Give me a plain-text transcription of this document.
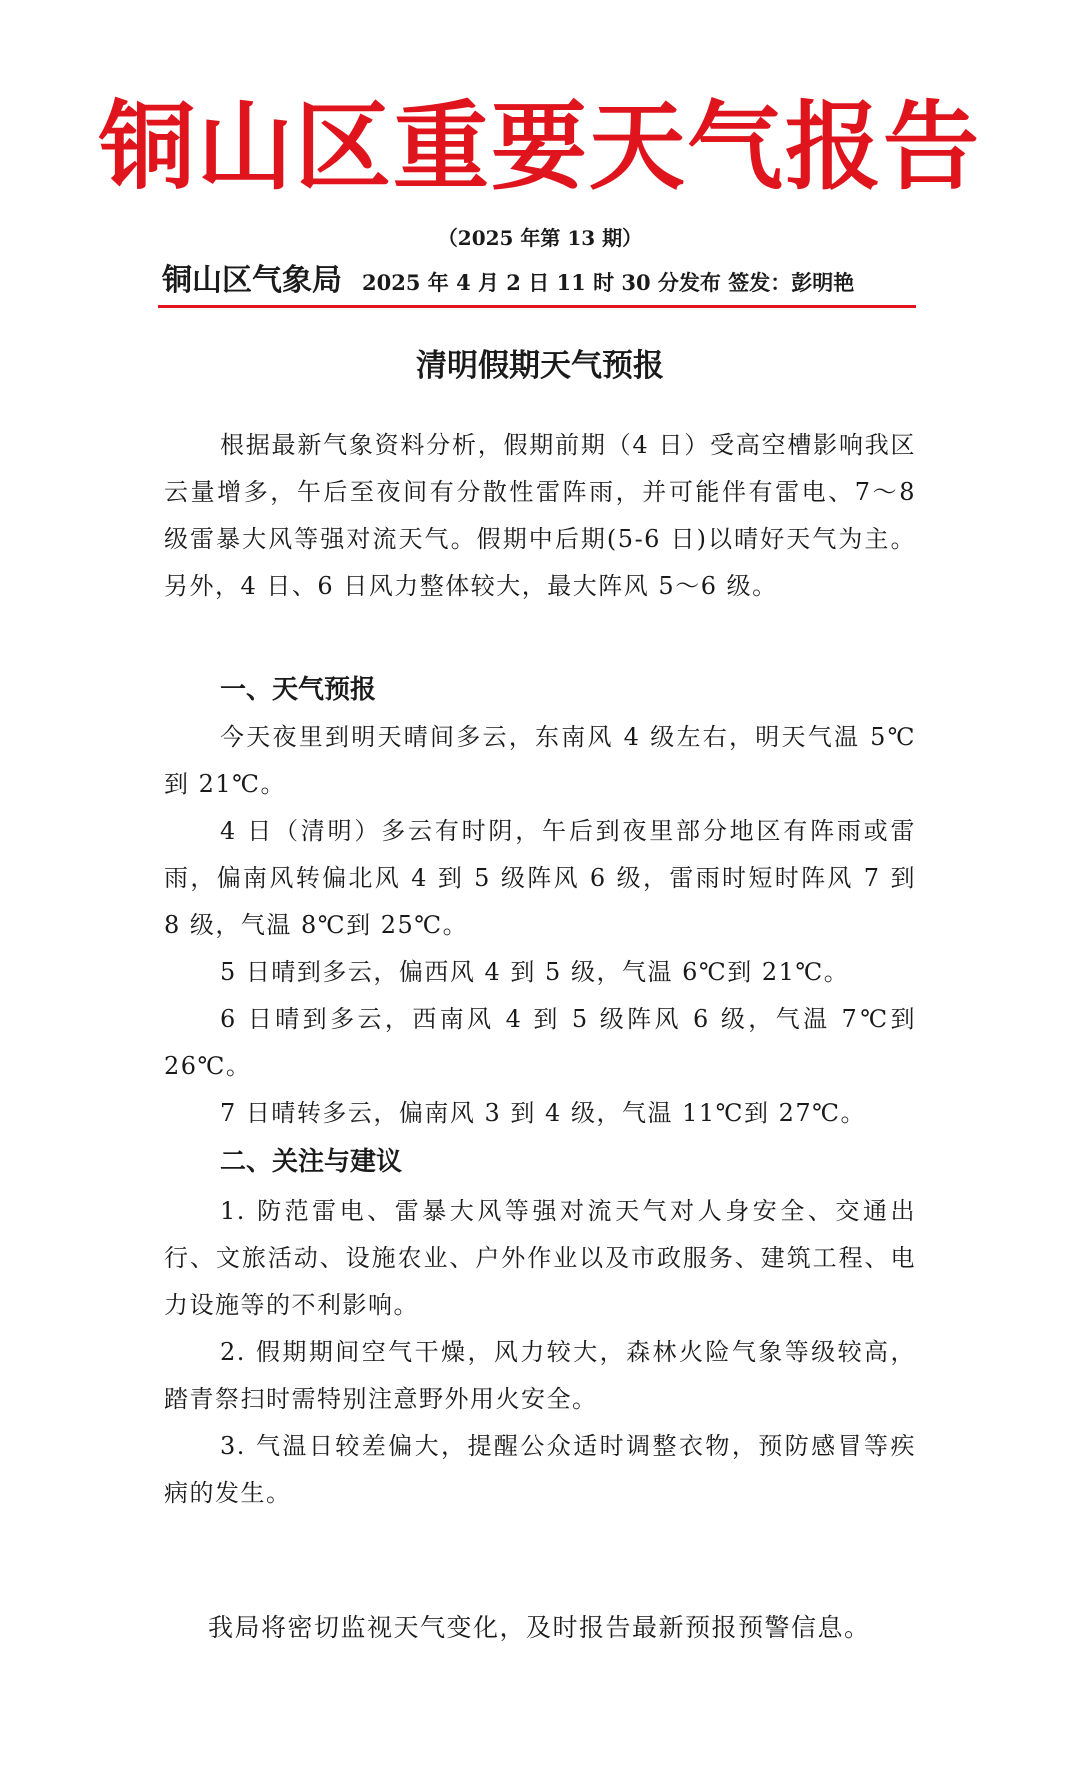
铜山区重要天气报告
（2025 年第 13 期）
铜山区气象局 2025 年 4 月 2 日 11 时 30 分发布 签发：彭明艳
清明假期天气预报

根据最新气象资料分析，假期前期（4 日）受高空槽影响我区云量增多，午后至夜间有分散性雷阵雨，并可能伴有雷电、7～8 级雷暴大风等强对流天气。假期中后期(5-6 日)以晴好天气为主。另外，4 日、6 日风力整体较大，最大阵风 5～6 级。

一、天气预报

今天夜里到明天晴间多云，东南风 4 级左右，明天气温 5℃到 21℃。

4 日（清明）多云有时阴，午后到夜里部分地区有阵雨或雷雨，偏南风转偏北风 4 到 5 级阵风 6 级，雷雨时短时阵风 7 到 8 级，气温 8℃到 25℃。

5 日晴到多云，偏西风 4 到 5 级，气温 6℃到 21℃。

6 日晴到多云，西南风 4 到 5 级阵风 6 级，气温 7℃到 26℃。

7 日晴转多云，偏南风 3 到 4 级，气温 11℃到 27℃。

二、关注与建议

1. 防范雷电、雷暴大风等强对流天气对人身安全、交通出行、文旅活动、设施农业、户外作业以及市政服务、建筑工程、电力设施等的不利影响。

2. 假期期间空气干燥，风力较大，森林火险气象等级较高，踏青祭扫时需特别注意野外用火安全。

3. 气温日较差偏大，提醒公众适时调整衣物，预防感冒等疾病的发生。

我局将密切监视天气变化，及时报告最新预报预警信息。
